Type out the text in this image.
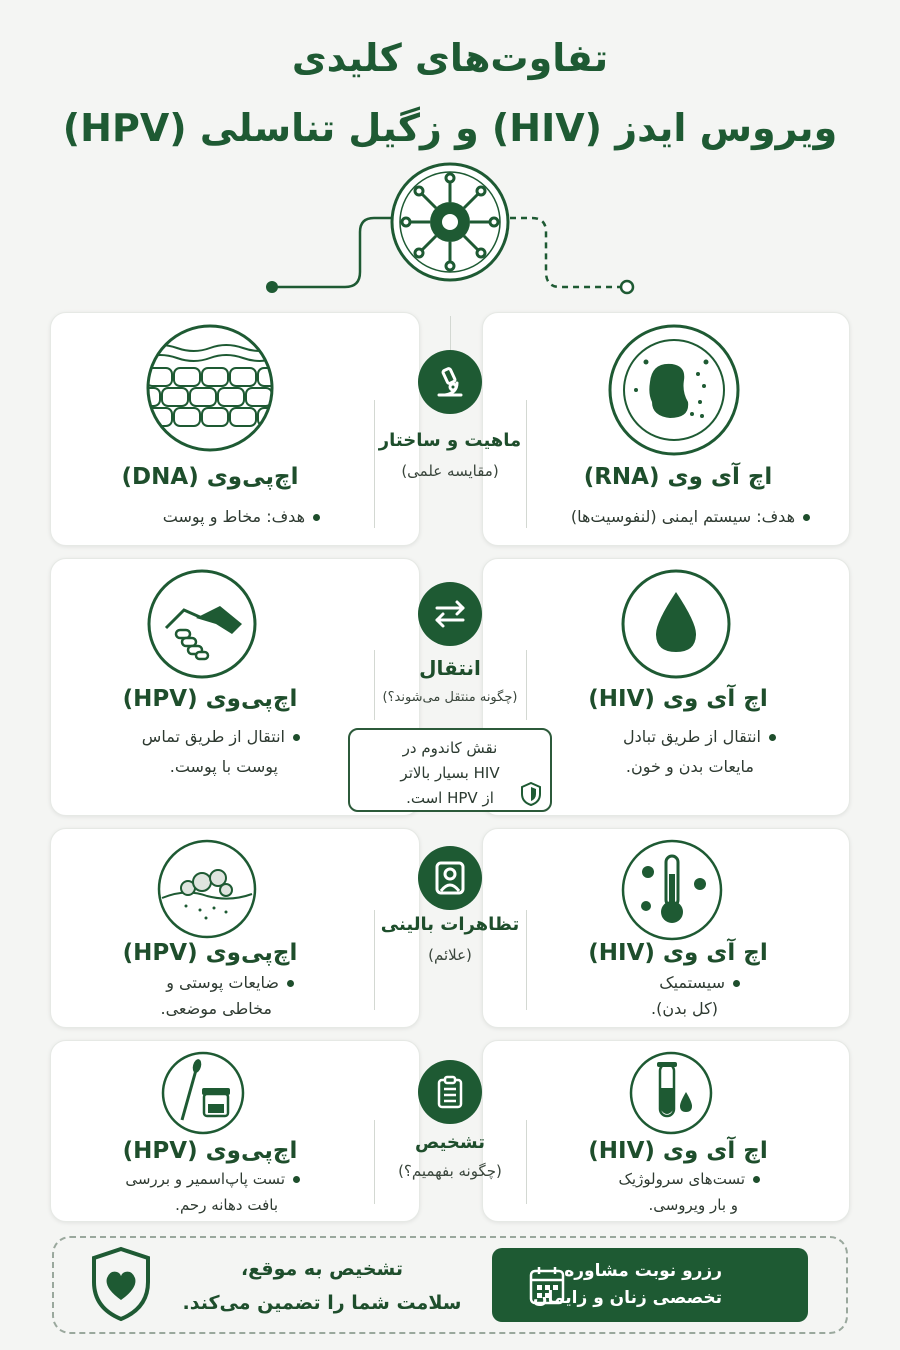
تفاوت‌های کلیدی
ویروس ایدز (HIV) و زگیل تناسلی (HPV)
ماهیت و ساختار
(مقایسه علمی)
اچ‌پی‌وی (DNA)
هدف: مخاط و پوست
اچ آی وی (RNA)
هدف: سیستم ایمنی (لنفوسیت‌ها)
انتقال
(چگونه منتقل می‌شوند؟)
اچ‌پی‌وی (HPV)
انتقال از طریق تماس
پوست با پوست.
اچ آی وی (HIV)
انتقال از طریق تبادل
مایعات بدن و خون.
نقش کاندوم در
HIV بسیار بالاتر
از HPV است.
تظاهرات بالینی
(علائم)
اچ‌پی‌وی (HPV)
ضایعات پوستی و
مخاطی موضعی.
اچ آی وی (HIV)
سیستمیک
(کل بدن).
تشخیص
(چگونه بفهمیم؟)
اچ‌پی‌وی (HPV)
تست پاپ‌اسمیر و بررسی
بافت دهانه رحم.
اچ آی وی (HIV)
تست‌های سرولوژیک
و بار ویروسی.
تشخیص به موقع،
سلامت شما را تضمین می‌کند.
رزرو نوبت مشاوره
تخصصی زنان و زایمان
